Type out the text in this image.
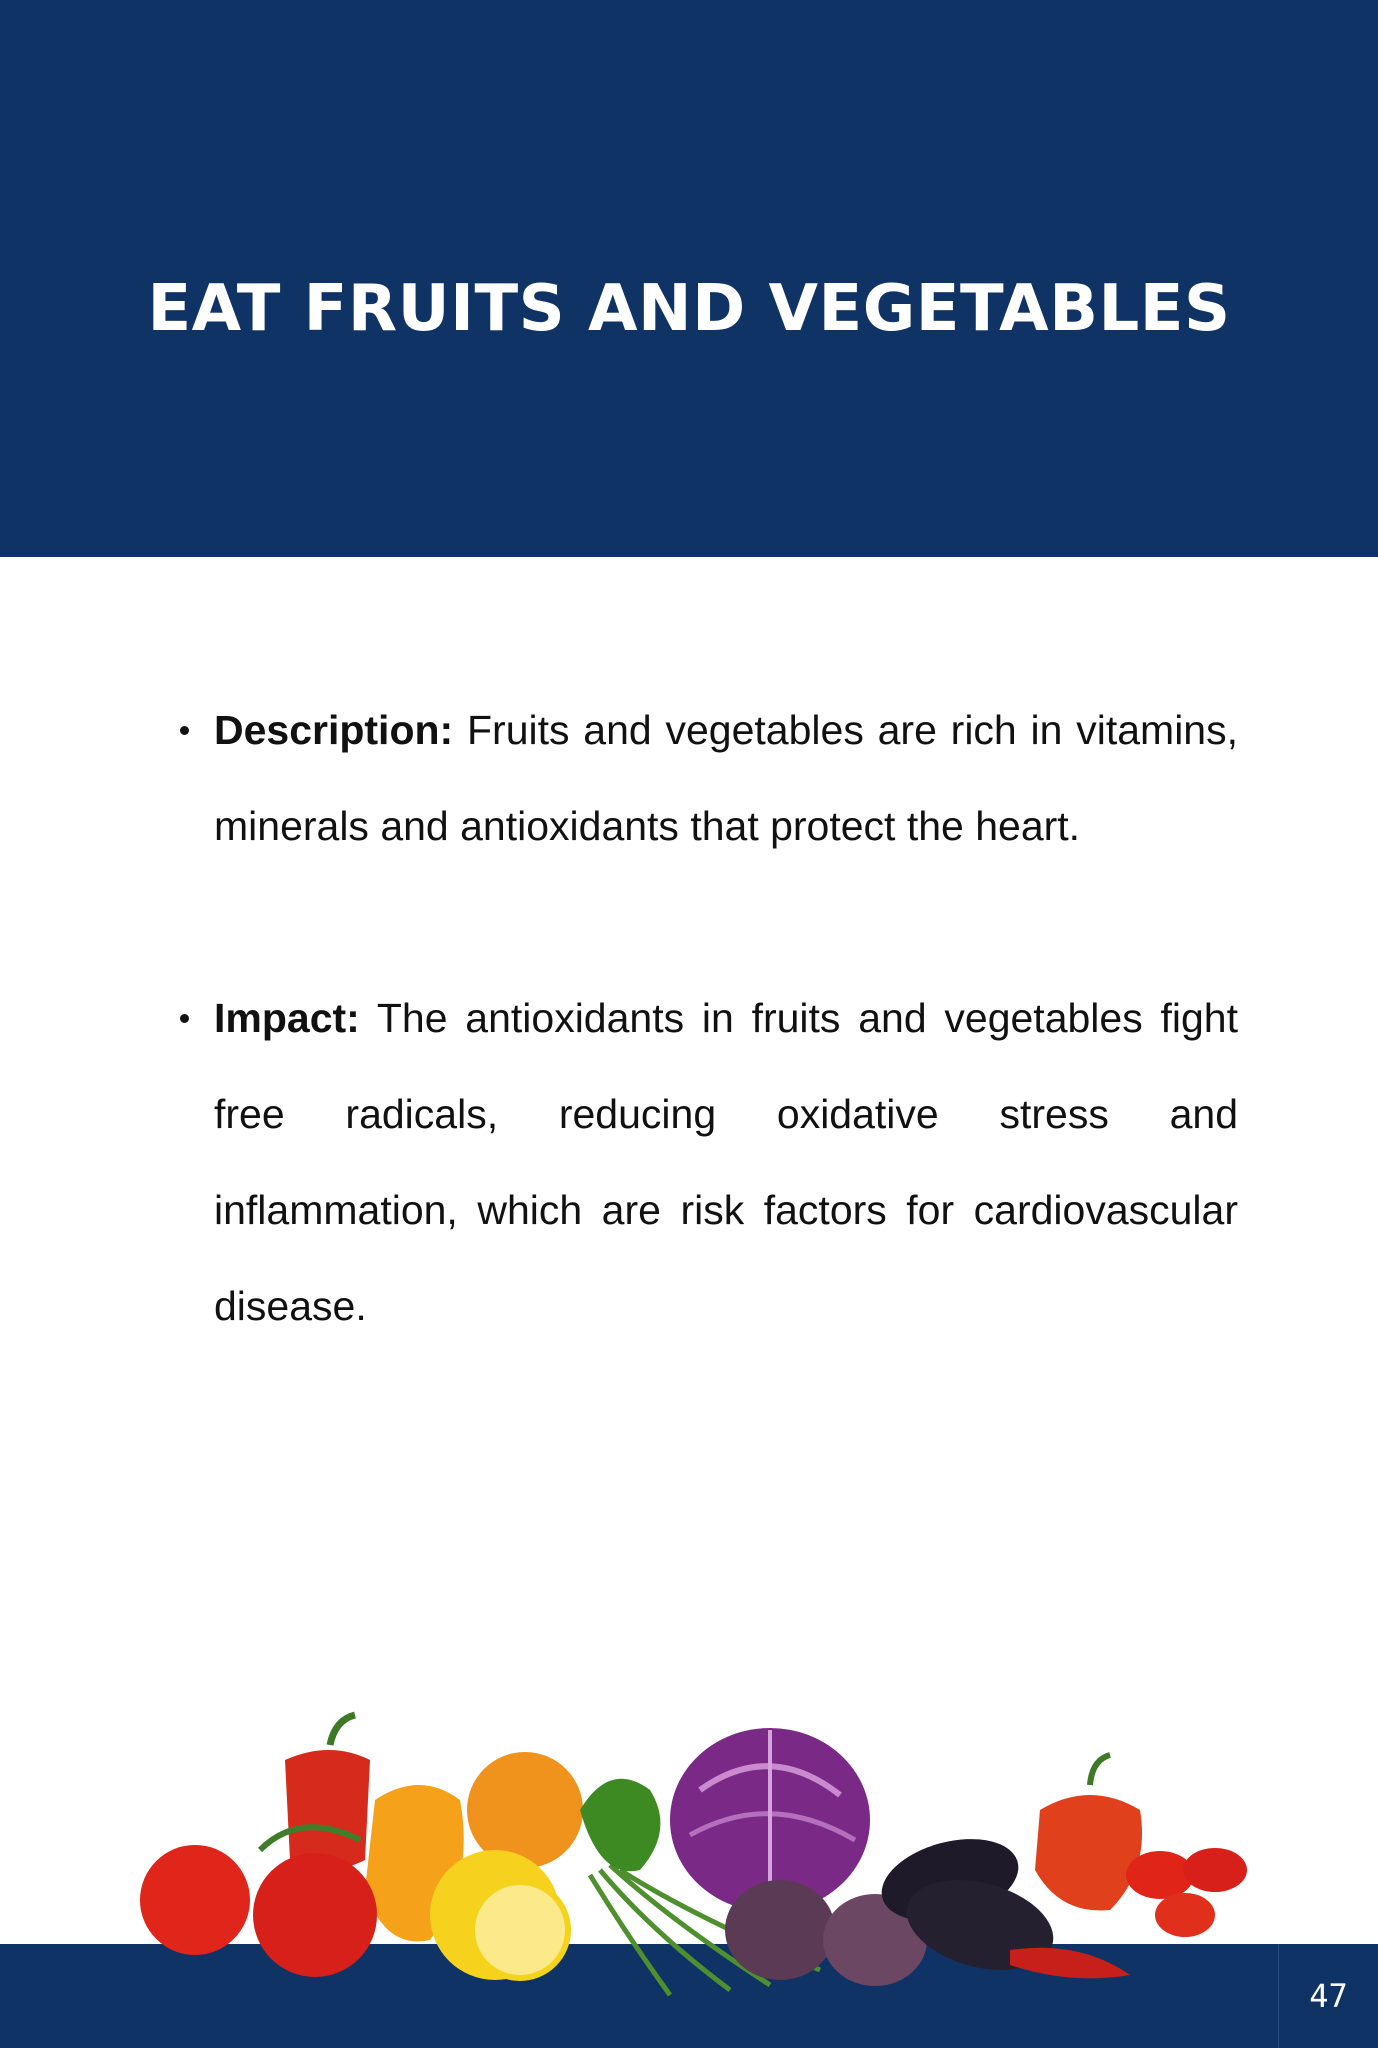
EAT FRUITS AND VEGETABLES

Description: Fruits and vegetables are rich in vitamins, minerals and antioxidants that protect the heart.

Impact: The antioxidants in fruits and vegetables fight free radicals, reducing oxidative stress and inflammation, which are risk factors for cardiovascular disease.

47
